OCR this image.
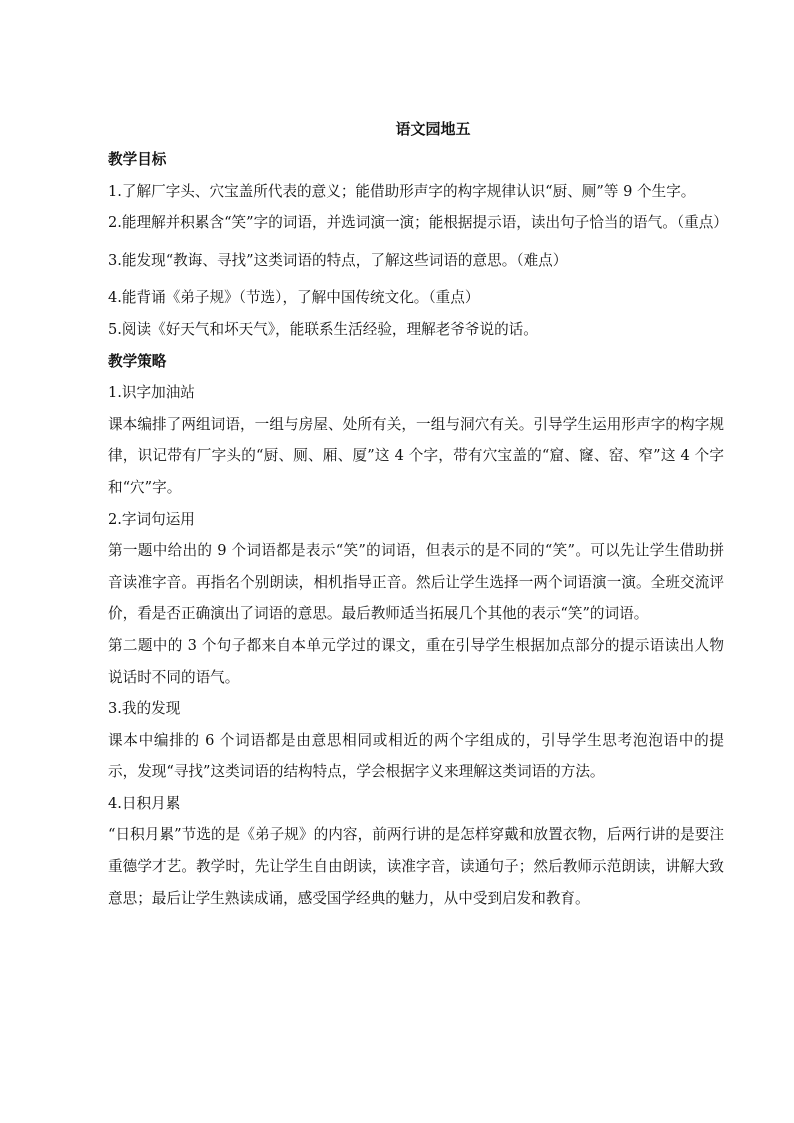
语文园地五

教学目标

1.了解厂字头、穴宝盖所代表的意义；能借助形声字的构字规律认识“厨、厕”等 9 个生字。

2.能理解并积累含“笑”字的词语，并选词演一演；能根据提示语，读出句子恰当的语气。（重点）

3.能发现“教诲、寻找”这类词语的特点，了解这些词语的意思。（难点）

4.能背诵《弟子规》（节选），了解中国传统文化。（重点）

5.阅读《好天气和坏天气》，能联系生活经验，理解老爷爷说的话。

教学策略

1.识字加油站

课本编排了两组词语，一组与房屋、处所有关，一组与洞穴有关。引导学生运用形声字的构字规律，识记带有厂字头的“厨、厕、厢、厦”这 4 个字，带有穴宝盖的“窟、窿、窑、窄”这 4 个字和“穴”字。

2.字词句运用

第一题中给出的 9 个词语都是表示“笑”的词语，但表示的是不同的“笑”。可以先让学生借助拼音读准字音。再指名个别朗读，相机指导正音。然后让学生选择一两个词语演一演。全班交流评价，看是否正确演出了词语的意思。最后教师适当拓展几个其他的表示“笑”的词语。

第二题中的 3 个句子都来自本单元学过的课文，重在引导学生根据加点部分的提示语读出人物说话时不同的语气。

3.我的发现

课本中编排的 6 个词语都是由意思相同或相近的两个字组成的，引导学生思考泡泡语中的提示，发现“寻找”这类词语的结构特点，学会根据字义来理解这类词语的方法。

4.日积月累

“日积月累”节选的是《弟子规》的内容，前两行讲的是怎样穿戴和放置衣物，后两行讲的是要注重德学才艺。教学时，先让学生自由朗读，读准字音，读通句子；然后教师示范朗读，讲解大致意思；最后让学生熟读成诵，感受国学经典的魅力，从中受到启发和教育。
